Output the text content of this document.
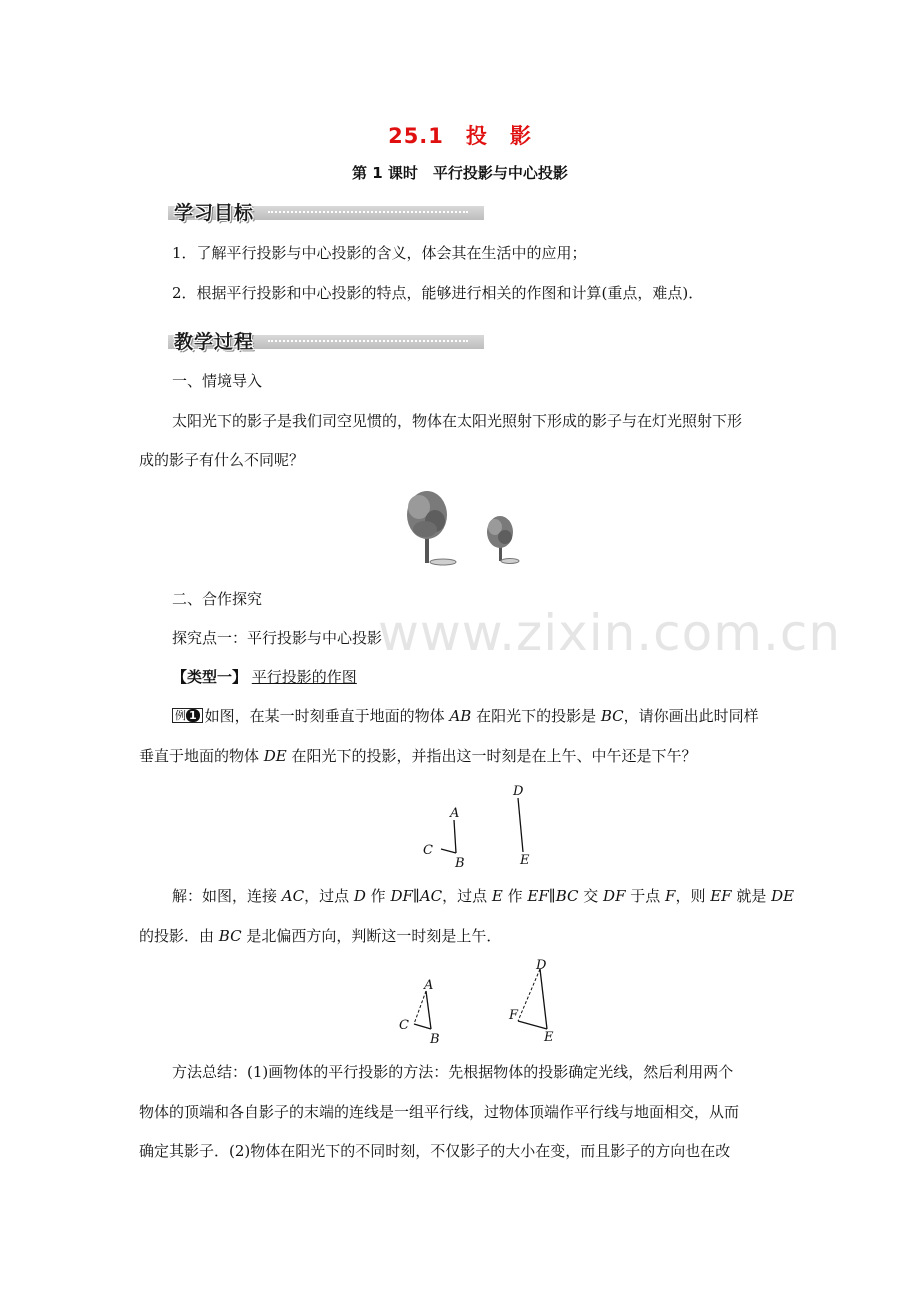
25.1　投　影
第 1 课时　平行投影与中心投影
学习目标
1．了解平行投影与中心投影的含义，体会其在生活中的应用；
2．根据平行投影和中心投影的特点，能够进行相关的作图和计算(重点，难点)．
教学过程
一、情境导入
太阳光下的影子是我们司空见惯的，物体在太阳光照射下形成的影子与在灯光照射下形
成的影子有什么不同呢？
二、合作探究
探究点一：平行投影与中心投影
【类型一】 平行投影的作图
例 1 如图，在某一时刻垂直于地面的物体 AB 在阳光下的投影是 BC，请你画出此时同样
垂直于地面的物体 DE 在阳光下的投影，并指出这一时刻是在上午、中午还是下午？
A
B
C
D
E
解：如图，连接 AC，过点 D 作 DF∥AC，过点 E 作 EF∥BC 交 DF 于点 F，则 EF 就是 DE
的投影．由 BC 是北偏西方向，判断这一时刻是上午．
A
B
C
D
E
F
方法总结：(1)画物体的平行投影的方法：先根据物体的投影确定光线，然后利用两个
物体的顶端和各自影子的末端的连线是一组平行线，过物体顶端作平行线与地面相交，从而
确定其影子．(2)物体在阳光下的不同时刻，不仅影子的大小在变，而且影子的方向也在改
www.zixin.com.cn
